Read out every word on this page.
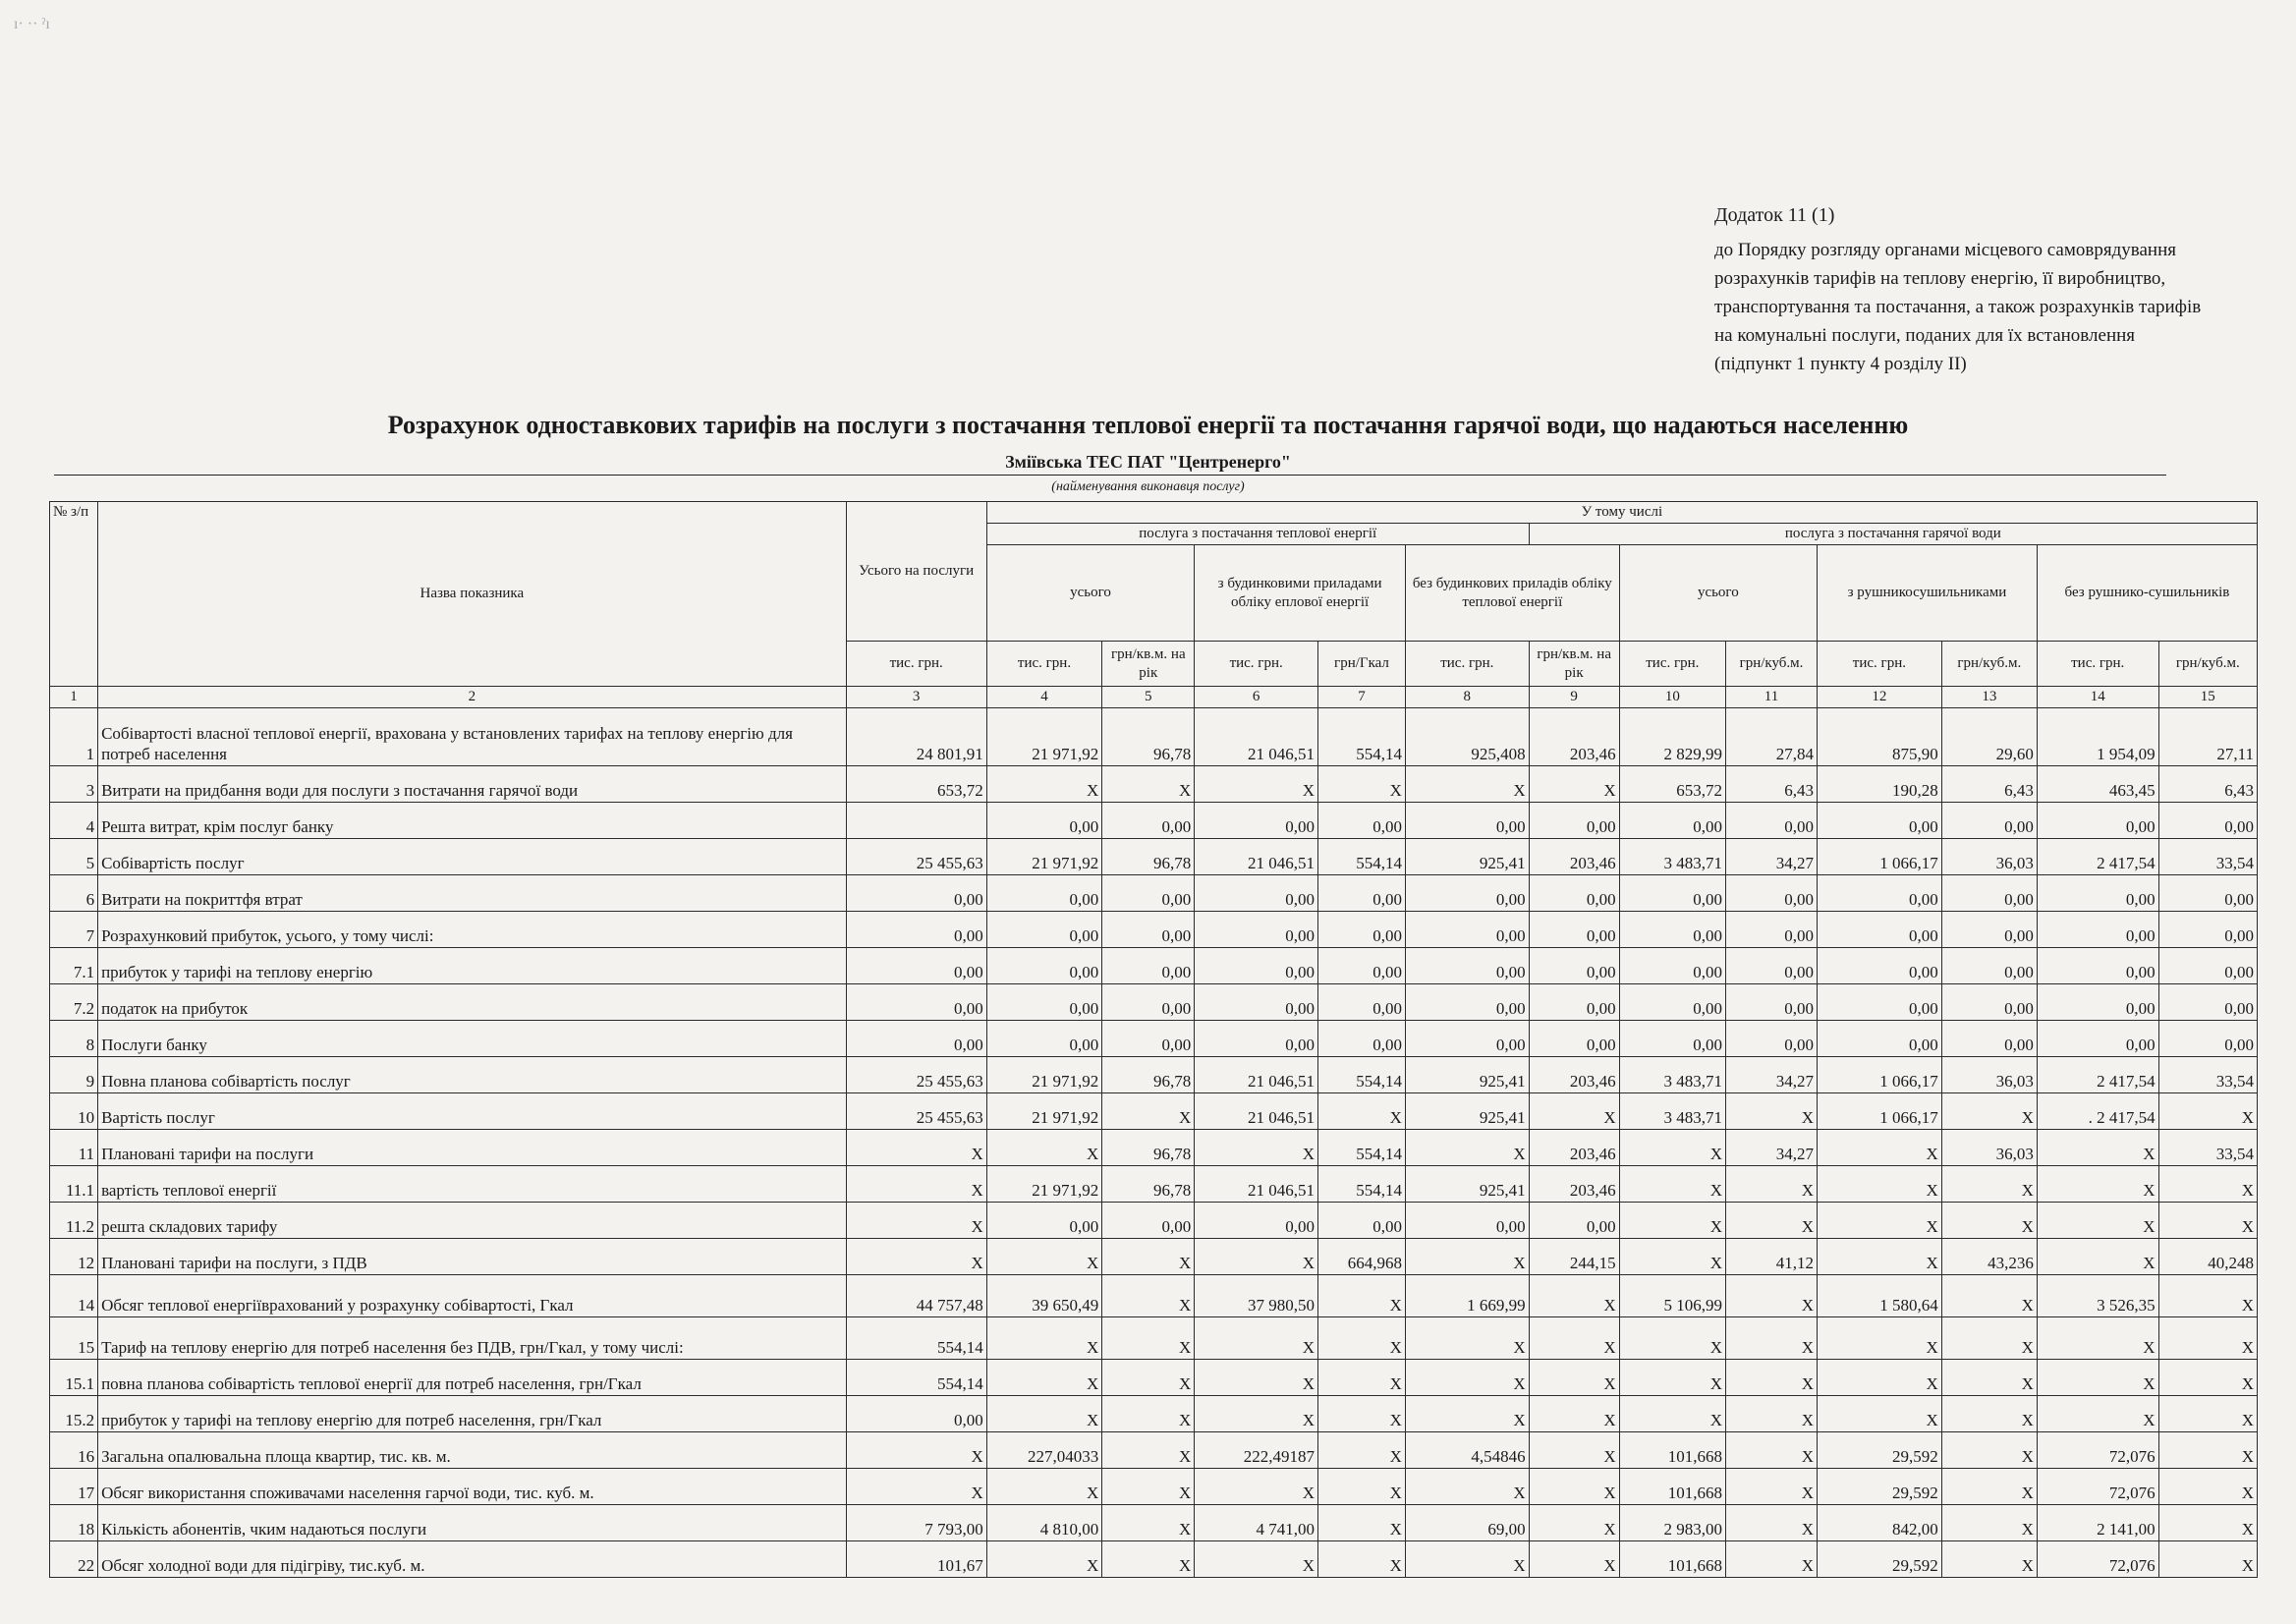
ı· ·· ˀı
Додаток 11 (1)
до Порядку розгляду органами місцевого самоврядування
розрахунків тарифів на теплову енергію, її виробництво,
транспортування та постачання, а також розрахунків тарифів
на комунальні послуги, поданих для їх встановлення
(підпункт 1 пункту 4 розділу ІІ)
Розрахунок одноставкових тарифів на послуги з постачання теплової енергії та постачання гарячої води, що надаються населенню
Зміївська ТЕС ПАТ "Центренерго"
(найменування виконавця послуг)
№ з/п	Назва показника	Усього на послуги	У тому числі											
			послуга з постачання теплової енергії					послуга з постачання гарячої води						
			усього		з будинковими приладами обліку еплової енергії		без будинкових приладів обліку теплової енергії		усього		з рушникосушильниками		без рушнико-сушильників	
		тис. грн.	тис. грн.	грн/кв.м. на рік	тис. грн.	грн/Гкал	тис. грн.	грн/кв.м. на рік	тис. грн.	грн/куб.м.	тис. грн.	грн/куб.м.	тис. грн.	грн/куб.м.
1	2	3	4	5	6	7	8	9	10	11	12	13	14	15
1	Собівартості власної теплової енергії, врахована у встановлених тарифах на теплову енергію для потреб населення	24 801,91	21 971,92	96,78	21 046,51	554,14	925,408	203,46	2 829,99	27,84	875,90	29,60	1 954,09	27,11
3	Витрати на придбання води для послуги з постачання гарячої води	653,72	Х	Х	Х	Х	Х	Х	653,72	6,43	190,28	6,43	463,45	6,43
4	Решта витрат, крім послуг банку		0,00	0,00	0,00	0,00	0,00	0,00	0,00	0,00	0,00	0,00	0,00	0,00
5	Собівартість послуг	25 455,63	21 971,92	96,78	21 046,51	554,14	925,41	203,46	3 483,71	34,27	1 066,17	36,03	2 417,54	33,54
6	Витрати на покриттфя втрат	0,00	0,00	0,00	0,00	0,00	0,00	0,00	0,00	0,00	0,00	0,00	0,00	0,00
7	Розрахунковий прибуток, усього, у тому числі:	0,00	0,00	0,00	0,00	0,00	0,00	0,00	0,00	0,00	0,00	0,00	0,00	0,00
7.1	прибуток у тарифі на теплову енергію	0,00	0,00	0,00	0,00	0,00	0,00	0,00	0,00	0,00	0,00	0,00	0,00	0,00
7.2	податок на прибуток	0,00	0,00	0,00	0,00	0,00	0,00	0,00	0,00	0,00	0,00	0,00	0,00	0,00
8	Послуги банку	0,00	0,00	0,00	0,00	0,00	0,00	0,00	0,00	0,00	0,00	0,00	0,00	0,00
9	Повна планова собівартість послуг	25 455,63	21 971,92	96,78	21 046,51	554,14	925,41	203,46	3 483,71	34,27	1 066,17	36,03	2 417,54	33,54
10	Вартість послуг	25 455,63	21 971,92	Х	21 046,51	Х	925,41	Х	3 483,71	Х	1 066,17	Х	. 2 417,54	Х
11	Плановані тарифи на послуги	Х	Х	96,78	Х	554,14	Х	203,46	Х	34,27	Х	36,03	Х	33,54
11.1	вартість теплової енергії	Х	21 971,92	96,78	21 046,51	554,14	925,41	203,46	Х	Х	Х	Х	Х	Х
11.2	решта складових тарифу	Х	0,00	0,00	0,00	0,00	0,00	0,00	Х	Х	Х	Х	Х	Х
12	Плановані тарифи на послуги, з ПДВ	Х	Х	Х	Х	664,968	Х	244,15	Х	41,12	Х	43,236	Х	40,248
14	Обсяг теплової енергіїврахований у розрахунку собівартості, Гкал	44 757,48	39 650,49	Х	37 980,50	Х	1 669,99	Х	5 106,99	Х	1 580,64	Х	3 526,35	Х
15	Тариф на теплову енергію для потреб населення без ПДВ, грн/Гкал, у тому числі:	554,14	Х	Х	Х	Х	Х	Х	Х	Х	Х	Х	Х	Х
15.1	повна планова собівартість теплової енергії для потреб населення, грн/Гкал	554,14	Х	Х	Х	Х	Х	Х	Х	Х	Х	Х	Х	Х
15.2	прибуток у тарифі на теплову енергію для потреб населення, грн/Гкал	0,00	Х	Х	Х	Х	Х	Х	Х	Х	Х	Х	Х	Х
16	Загальна опалювальна площа квартир, тис. кв. м.	Х	227,04033	Х	222,49187	Х	4,54846	Х	101,668	Х	29,592	Х	72,076	Х
17	Обсяг використання споживачами населення гарчої води, тис. куб. м.	Х	Х	Х	Х	Х	Х	Х	101,668	Х	29,592	Х	72,076	Х
18	Кількість абонентів, чким надаються послуги	7 793,00	4 810,00	Х	4 741,00	Х	69,00	Х	2 983,00	Х	842,00	Х	2 141,00	Х
22	Обсяг холодної води для підігріву, тис.куб. м.	101,67	Х	Х	Х	Х	Х	Х	101,668	Х	29,592	Х	72,076	Х
